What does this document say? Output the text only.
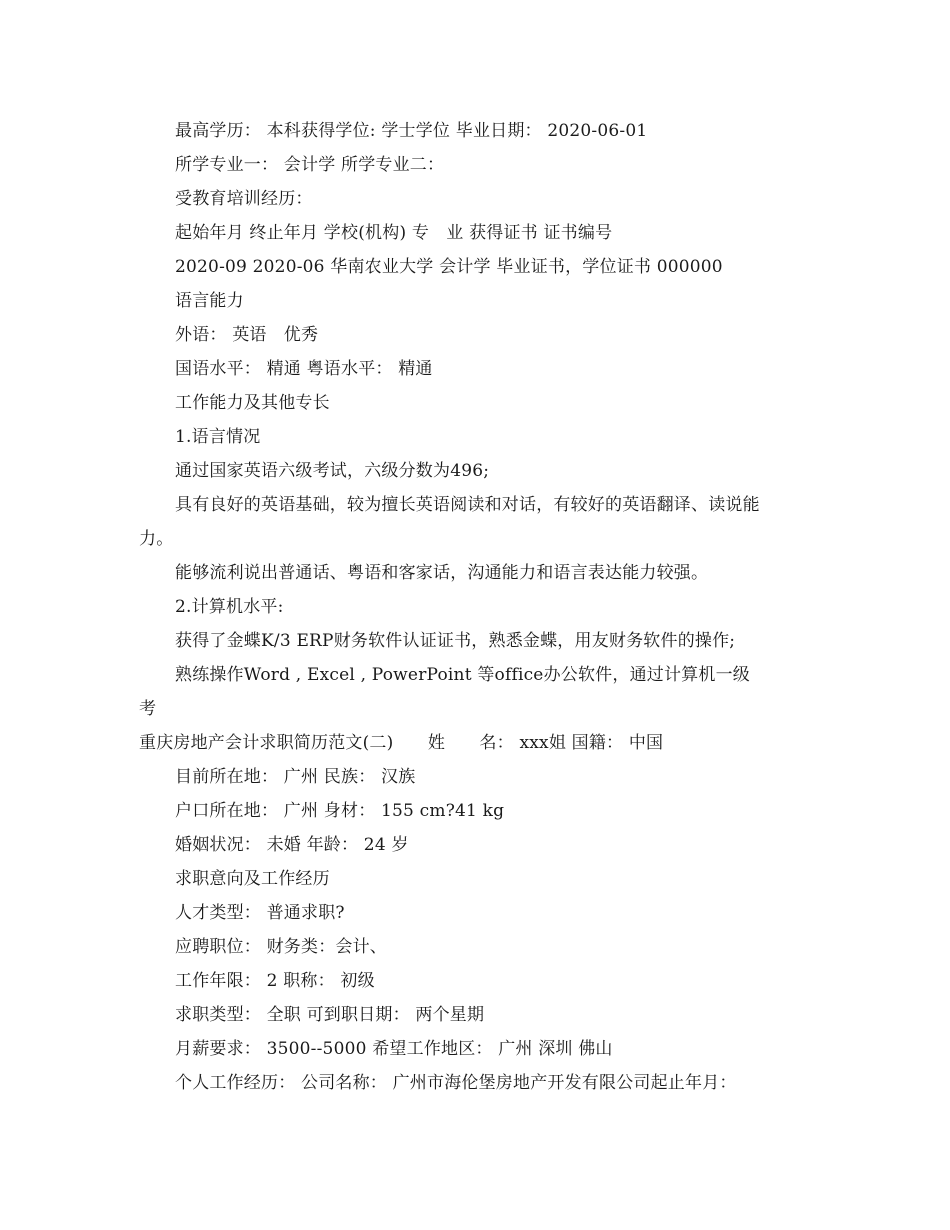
最高学历： 本科获得学位: 学士学位 毕业日期： 2020-06-01
所学专业一： 会计学 所学专业二：
受教育培训经历：
起始年月 终止年月 学校(机构) 专　业 获得证书 证书编号
2020-09 2020-06 华南农业大学 会计学 毕业证书，学位证书 000000
语言能力
外语： 英语　优秀
国语水平： 精通 粤语水平： 精通
工作能力及其他专长
1.语言情况
通过国家英语六级考试，六级分数为496;
具有良好的英语基础，较为擅长英语阅读和对话，有较好的英语翻译、读说能
力。
能够流利说出普通话、粤语和客家话，沟通能力和语言表达能力较强。
2.计算机水平:
获得了金蝶K/3 ERP财务软件认证证书，熟悉金蝶，用友财务软件的操作;
熟练操作Word , Excel , PowerPoint 等office办公软件，通过计算机一级
考
重庆房地产会计求职简历范文(二)　　姓　　名： xxx姐 国籍： 中国
目前所在地： 广州 民族： 汉族
户口所在地： 广州 身材： 155 cm?41 kg
婚姻状况： 未婚 年龄： 24 岁
求职意向及工作经历
人才类型： 普通求职?
应聘职位： 财务类：会计、
工作年限： 2 职称： 初级
求职类型： 全职 可到职日期： 两个星期
月薪要求： 3500--5000 希望工作地区： 广州 深圳 佛山
个人工作经历： 公司名称： 广州市海伦堡房地产开发有限公司起止年月：
